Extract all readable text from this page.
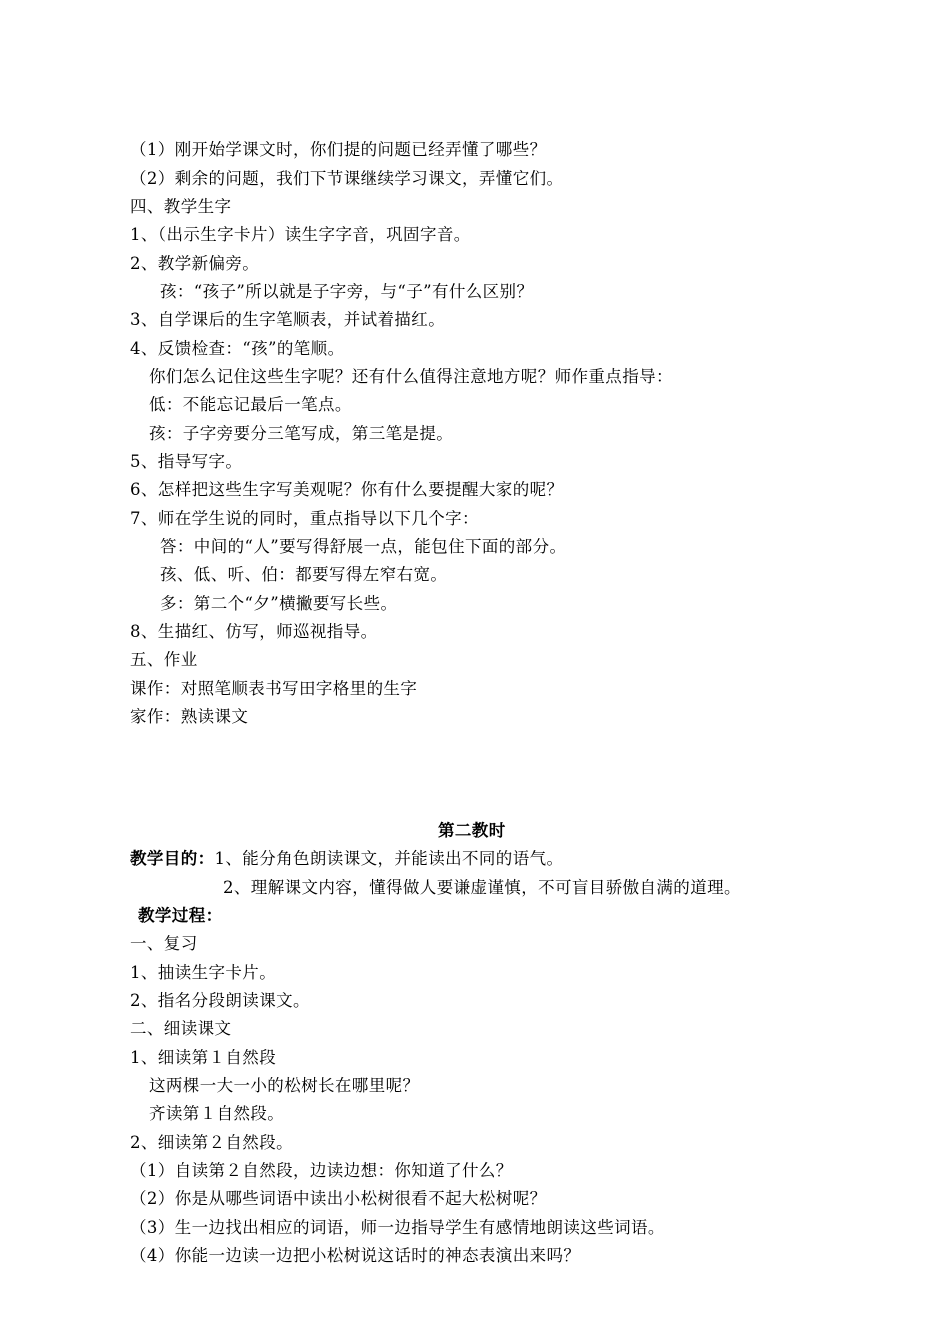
（1）刚开始学课文时，你们提的问题已经弄懂了哪些？
（2）剩余的问题，我们下节课继续学习课文，弄懂它们。
四、教学生字
1、（出示生字卡片）读生字字音，巩固字音。
2、教学新偏旁。
孩：“孩子”所以就是子字旁，与“子”有什么区别？
3、自学课后的生字笔顺表，并试着描红。
4、反馈检查：“孩”的笔顺。
你们怎么记住这些生字呢？还有什么值得注意地方呢？师作重点指导：
低：不能忘记最后一笔点。
孩：子字旁要分三笔写成，第三笔是提。
5、指导写字。
6、怎样把这些生字写美观呢？你有什么要提醒大家的呢？
7、师在学生说的同时，重点指导以下几个字：
答：中间的“人”要写得舒展一点，能包住下面的部分。
孩、低、听、伯：都要写得左窄右宽。
多：第二个“夕”横撇要写长些。
8、生描红、仿写，师巡视指导。
五、作业
课作：对照笔顺表书写田字格里的生字
家作：熟读课文
第二教时
教学目的：1、能分角色朗读课文，并能读出不同的语气。
2、理解课文内容，懂得做人要谦虚谨慎，不可盲目骄傲自满的道理。
教学过程：
一、复习
1、抽读生字卡片。
2、指名分段朗读课文。
二、细读课文
1、细读第１自然段
这两棵一大一小的松树长在哪里呢？
齐读第１自然段。
2、细读第２自然段。
（1）自读第２自然段，边读边想：你知道了什么？
（2）你是从哪些词语中读出小松树很看不起大松树呢？
（3）生一边找出相应的词语，师一边指导学生有感情地朗读这些词语。
（4）你能一边读一边把小松树说这话时的神态表演出来吗？
